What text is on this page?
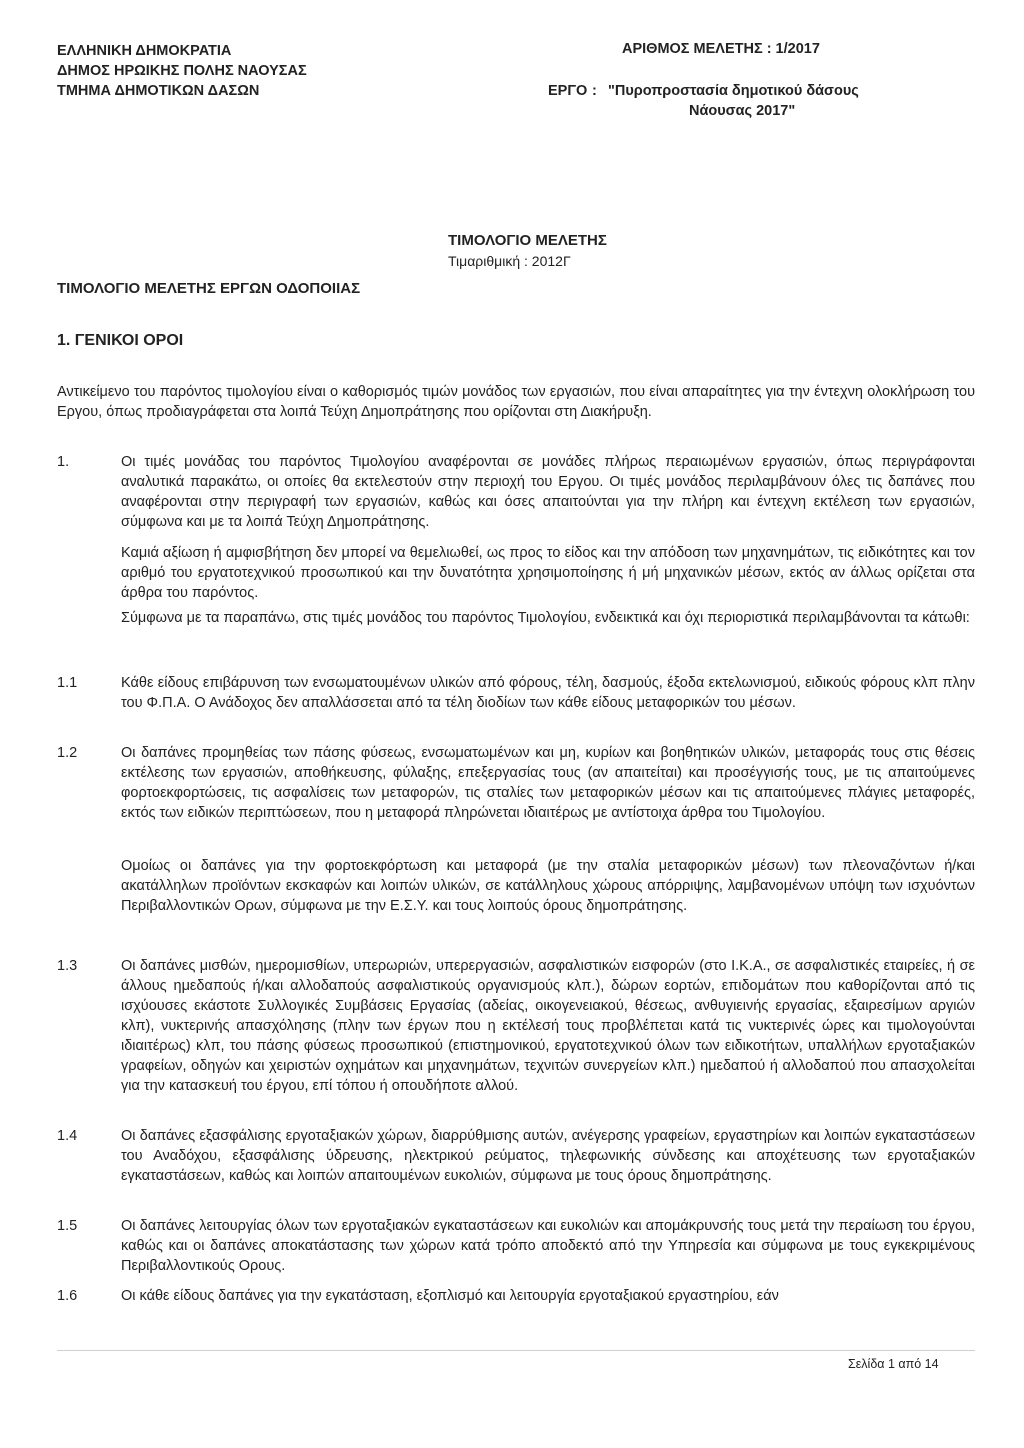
ΕΛΛΗΝΙΚΗ ΔΗΜΟΚΡΑΤΙΑ
ΔΗΜΟΣ ΗΡΩΙΚΗΣ ΠΟΛΗΣ ΝΑΟΥΣΑΣ
ΤΜΗΜΑ ΔΗΜΟΤΙΚΩΝ ΔΑΣΩΝ
ΑΡΙΘΜΟΣ ΜΕΛΕΤΗΣ : 1/2017
ΕΡΓΟ : "Πυροπροστασία δημοτικού δάσους
Νάουσας 2017"
ΤΙΜΟΛΟΓΙΟ ΜΕΛΕΤΗΣ
Τιμαριθμική : 2012Γ
ΤΙΜΟΛΟΓΙΟ ΜΕΛΕΤΗΣ ΕΡΓΩΝ ΟΔΟΠΟΙΙΑΣ
1. ΓΕΝΙΚΟΙ ΟΡΟΙ
Αντικείμενο του παρόντος τιμολογίου είναι ο καθορισμός τιμών μονάδος των εργασιών, που είναι απαραίτητες για την έντεχνη ολοκλήρωση του Εργου, όπως προδιαγράφεται στα λοιπά Τεύχη Δημοπράτησης που ορίζονται στη Διακήρυξη.
1.	Οι τιμές μονάδας του παρόντος Τιμολογίου αναφέρονται σε μονάδες πλήρως περαιωμένων εργασιών, όπως περιγράφονται αναλυτικά παρακάτω, οι οποίες θα εκτελεστούν στην περιοχή του Εργου. Οι τιμές μονάδος περιλαμβάνουν όλες τις δαπάνες που αναφέρονται στην περιγραφή των εργασιών, καθώς και όσες απαιτούνται για την πλήρη και έντεχνη εκτέλεση των εργασιών, σύμφωνα και με τα λοιπά Τεύχη Δημοπράτησης.
Καμιά αξίωση ή αμφισβήτηση δεν μπορεί να θεμελιωθεί, ως προς το είδος και την απόδοση των μηχανημάτων, τις ειδικότητες και τον αριθμό του εργατοτεχνικού προσωπικού και την δυνατότητα χρησιμοποίησης ή μή μηχανικών μέσων, εκτός αν άλλως ορίζεται στα άρθρα του παρόντος.
Σύμφωνα με τα παραπάνω, στις τιμές μονάδος του παρόντος Τιμολογίου, ενδεικτικά και όχι περιοριστικά περιλαμβάνονται τα κάτωθι:
1.1	Κάθε είδους επιβάρυνση των ενσωματουμένων υλικών από φόρους, τέλη, δασμούς, έξοδα εκτελωνισμού, ειδικούς φόρους κλπ πλην του Φ.Π.Α. Ο Ανάδοχος δεν απαλλάσσεται από τα τέλη διοδίων των κάθε είδους μεταφορικών του μέσων.
1.2	Οι δαπάνες προμηθείας των πάσης φύσεως, ενσωματωμένων και μη, κυρίων και βοηθητικών υλικών, μεταφοράς τους στις θέσεις εκτέλεσης των εργασιών, αποθήκευσης, φύλαξης, επεξεργασίας τους (αν απαιτείται) και προσέγγισής τους, με τις απαιτούμενες φορτοεκφορτώσεις, τις ασφαλίσεις των μεταφορών, τις σταλίες των μεταφορικών μέσων και τις απαιτούμενες πλάγιες μεταφορές, εκτός των ειδικών περιπτώσεων, που η μεταφορά πληρώνεται ιδιαιτέρως με αντίστοιχα άρθρα του Τιμολογίου.
Ομοίως οι δαπάνες για την φορτοεκφόρτωση και μεταφορά (με την σταλία μεταφορικών μέσων) των πλεοναζόντων ή/και ακατάλληλων προϊόντων εκσκαφών και λοιπών υλικών, σε κατάλληλους χώρους απόρριψης, λαμβανομένων υπόψη των ισχυόντων Περιβαλλοντικών Ορων, σύμφωνα με την Ε.Σ.Υ. και τους λοιπούς όρους δημοπράτησης.
1.3	Οι δαπάνες μισθών, ημερομισθίων, υπερωριών, υπερεργασιών, ασφαλιστικών εισφορών (στο Ι.Κ.Α., σε ασφαλιστικές εταιρείες, ή σε άλλους ημεδαπούς ή/και αλλοδαπούς ασφαλιστικούς οργανισμούς κλπ.), δώρων εορτών, επιδομάτων που καθορίζονται από τις ισχύουσες εκάστοτε Συλλογικές Συμβάσεις Εργασίας (αδείας, οικογενειακού, θέσεως, ανθυγιεινής εργασίας, εξαιρεσίμων αργιών κλπ), νυκτερινής απασχόλησης (πλην των έργων που η εκτέλεσή τους προβλέπεται κατά τις νυκτερινές ώρες και τιμολογούνται ιδιαιτέρως) κλπ, του πάσης φύσεως προσωπικού (επιστημονικού, εργατοτεχνικού όλων των ειδικοτήτων, υπαλλήλων εργοταξιακών γραφείων, οδηγών και χειριστών οχημάτων και μηχανημάτων, τεχνιτών συνεργείων κλπ.) ημεδαπού ή αλλοδαπού που απασχολείται για την κατασκευή του έργου, επί τόπου ή οπουδήποτε αλλού.
1.4	Οι δαπάνες εξασφάλισης εργοταξιακών χώρων, διαρρύθμισης αυτών, ανέγερσης γραφείων, εργαστηρίων και λοιπών εγκαταστάσεων του Αναδόχου, εξασφάλισης ύδρευσης, ηλεκτρικού ρεύματος, τηλεφωνικής σύνδεσης και αποχέτευσης των εργοταξιακών εγκαταστάσεων, καθώς και λοιπών απαιτουμένων ευκολιών, σύμφωνα με τους όρους δημοπράτησης.
1.5	Οι δαπάνες λειτουργίας όλων των εργοταξιακών εγκαταστάσεων και ευκολιών και απομάκρυνσής τους μετά την περαίωση του έργου, καθώς και οι δαπάνες αποκατάστασης των χώρων κατά τρόπο αποδεκτό από την Υπηρεσία και σύμφωνα με τους εγκεκριμένους Περιβαλλοντικούς Ορους.
1.6	Οι κάθε είδους δαπάνες για την εγκατάσταση, εξοπλισμό και λειτουργία εργοταξιακού εργαστηρίου, εάν
Σελίδα 1 από 14
